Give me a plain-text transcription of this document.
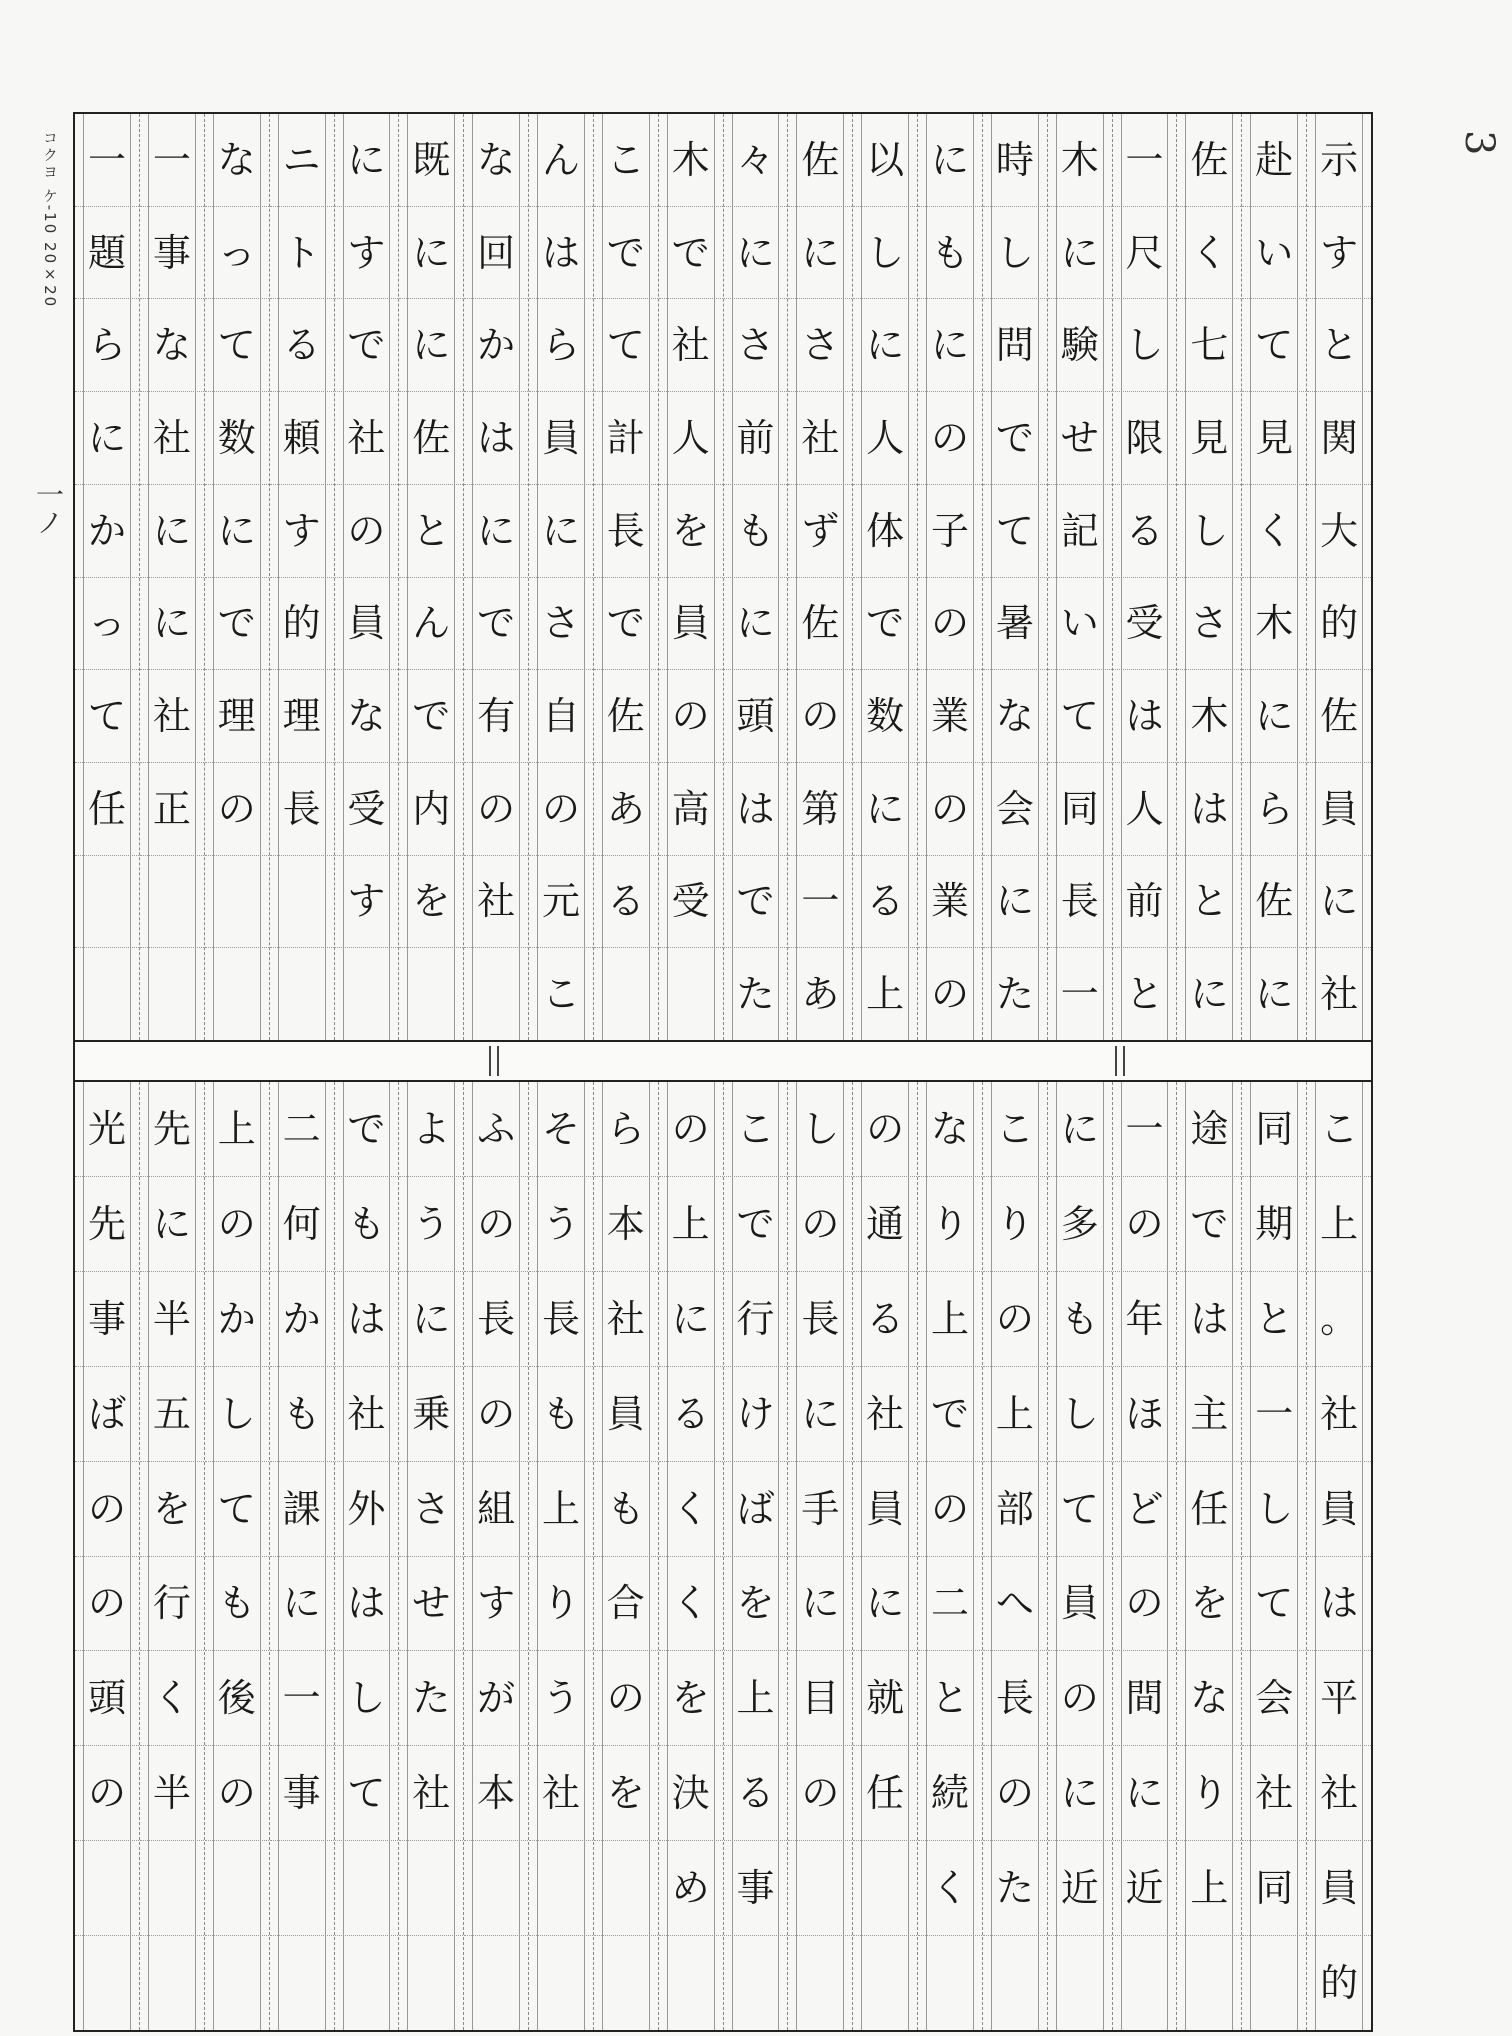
コクヨ ケ-10 20×20	3
一ノ
示
す
と
関
大
的
佐
員
に
社
赴
い
て
見
く
木
に
ら
佐
に
佐
く
七
見
し
さ
木
は
と
に
一
尺
し
限
る
受
は
人
前
と
木
に
験
せ
記
い
て
同
長
一
時
し
問
で
て
暑
な
会
に
た
に
も
に
の
子
の
業
の
業
の
以
し
に
人
体
で
数
に
る
上
佐
に
さ
社
ず
佐
の
第
一
あ
々
に
さ
前
も
に
頭
は
で
た
木
で
社
人
を
員
の
高
受
こ
で
て
計
長
で
佐
あ
る
ん
は
ら
員
に
さ
自
の
元
こ
な
回
か
は
に
で
有
の
社
既
に
に
佐
と
ん
で
内
を
に
す
で
社
の
員
な
受
す
ニ
ト
る
頼
す
的
理
長
な
っ
て
数
に
で
理
の
一
事
な
社
に
に
社
正
一
題
ら
に
か
っ
て
任
こ
上
。
社
員
は
平
社
員
的
同
期
と
一
し
て
会
社
同
途
で
は
主
任
を
な
り
上
一
の
年
ほ
ど
の
間
に
近
に
多
も
し
て
員
の
に
近
こ
り
の
上
部
へ
長
の
た
な
り
上
で
の
二
と
続
く
の
通
る
社
員
に
就
任
し
の
長
に
手
に
目
の
こ
で
行
け
ば
を
上
る
事
の
上
に
る
く
く
を
決
め
ら
本
社
員
も
合
の
を
そ
う
長
も
上
り
う
社
ふ
の
長
の
組
す
が
本
よ
う
に
乗
さ
せ
た
社
で
も
は
社
外
は
し
て
二
何
か
も
課
に
一
事
上
の
か
し
て
も
後
の
先
に
半
五
を
行
く
半
光
先
事
ば
の
の
頭
の
